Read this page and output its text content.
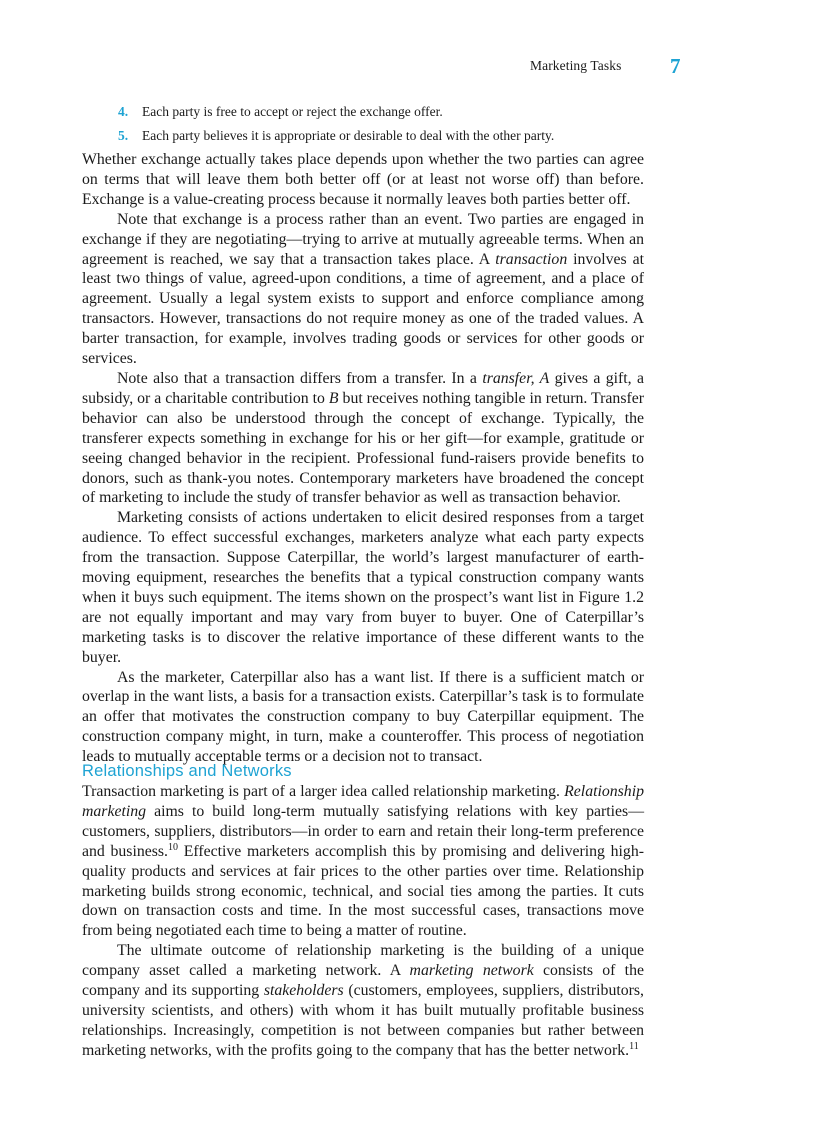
Marketing Tasks 7
4.	Each party is free to accept or reject the exchange offer.
5.	Each party believes it is appropriate or desirable to deal with the other party.

Whether exchange actually takes place depends upon whether the two parties can agree on terms that will leave them both better off (or at least not worse off) than before. Exchange is a value-creating process because it normally leaves both parties better off.

Note that exchange is a process rather than an event. Two parties are engaged in exchange if they are negotiating—trying to arrive at mutually agreeable terms. When an agreement is reached, we say that a transaction takes place. A transaction involves at least two things of value, agreed-upon conditions, a time of agreement, and a place of agreement. Usually a legal system exists to support and enforce compliance among transactors. However, transactions do not require money as one of the traded values. A barter transaction, for example, involves trading goods or services for other goods or services.

Note also that a transaction differs from a transfer. In a transfer, A gives a gift, a subsidy, or a charitable contribution to B but receives nothing tangible in return. Transfer behavior can also be understood through the concept of exchange. Typically, the transferer expects something in exchange for his or her gift—for example, gratitude or seeing changed behavior in the recipient. Professional fund-raisers provide benefits to donors, such as thank-you notes. Contemporary marketers have broadened the concept of marketing to include the study of transfer behavior as well as transaction behavior.

Marketing consists of actions undertaken to elicit desired responses from a target audience. To effect successful exchanges, marketers analyze what each party expects from the transaction. Suppose Caterpillar, the world’s largest manufacturer of earth-moving equipment, researches the benefits that a typical construction company wants when it buys such equipment. The items shown on the prospect’s want list in Figure 1.2 are not equally important and may vary from buyer to buyer. One of Caterpillar’s marketing tasks is to discover the relative importance of these different wants to the buyer.

As the marketer, Caterpillar also has a want list. If there is a sufficient match or overlap in the want lists, a basis for a transaction exists. Caterpillar’s task is to formulate an offer that motivates the construction company to buy Caterpillar equipment. The construction company might, in turn, make a counteroffer. This process of negotiation leads to mutually acceptable terms or a decision not to transact.

Relationships and Networks

Transaction marketing is part of a larger idea called relationship marketing. Relationship marketing aims to build long-term mutually satisfying relations with key parties—customers, suppliers, distributors—in order to earn and retain their long-term preference and business.$^{10}$ Effective marketers accomplish this by promising and delivering high-quality products and services at fair prices to the other parties over time. Relationship marketing builds strong economic, technical, and social ties among the parties. It cuts down on transaction costs and time. In the most successful cases, transactions move from being negotiated each time to being a matter of routine.

The ultimate outcome of relationship marketing is the building of a unique company asset called a marketing network. A marketing network consists of the company and its supporting stakeholders (customers, employees, suppliers, distributors, university scientists, and others) with whom it has built mutually profitable business relationships. Increasingly, competition is not between companies but rather between marketing networks, with the profits going to the company that has the better network.$^{11}$
